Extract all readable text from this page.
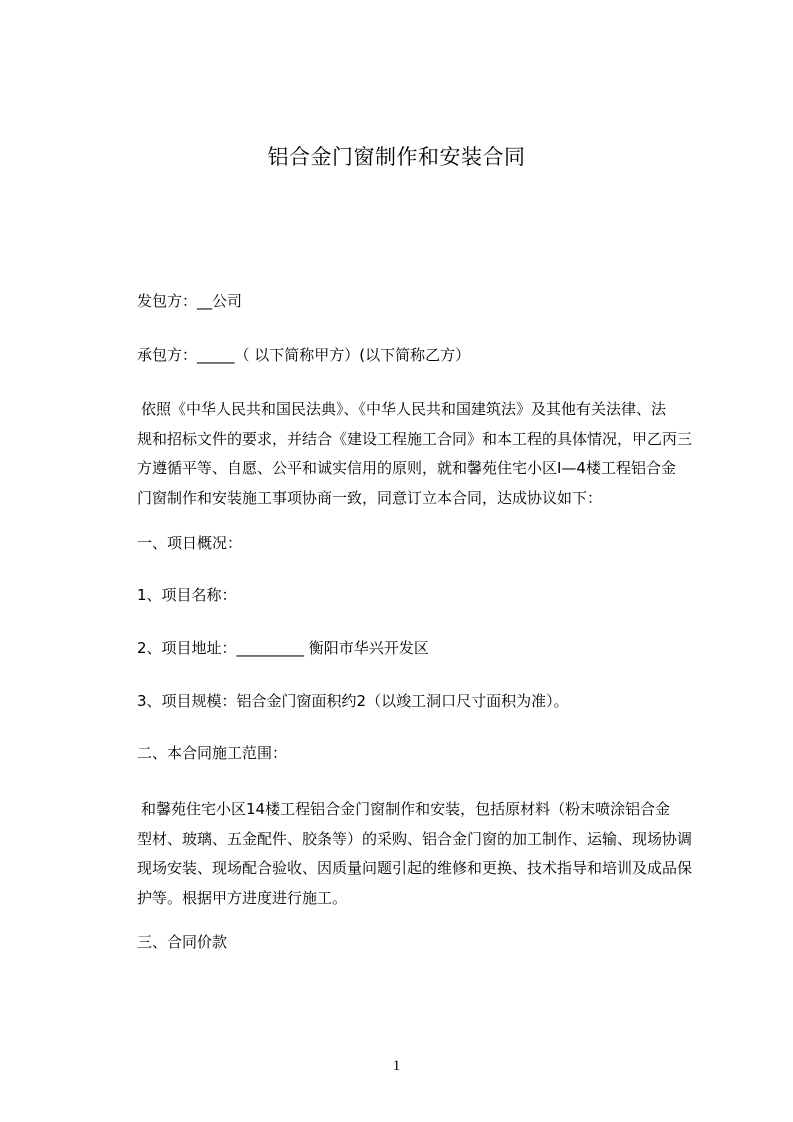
铝合金门窗制作和安装合同
发包方：__公司
承包方：_____（ 以下简称甲方）(以下简称乙方）
依照《中华人民共和国民法典》、《中华人民共和国建筑法》及其他有关法律、法
规和招标文件的要求，并结合《建设工程施工合同》和本工程的具体情况，甲乙丙三
方遵循平等、自愿、公平和诚实信用的原则，就和馨苑住宅小区Ⅰ—4楼工程铝合金
门窗制作和安装施工事项协商一致，同意订立本合同，达成协议如下：
一、项日概况：
1、项目名称：
2、项目地址：_________ 衡阳市华兴开发区
3、项目规模：铝合金门窗面积约2（以竣工洞口尺寸面积为准）。
二、本合同施工范围：
和馨苑住宅小区14楼工程铝合金门窗制作和安装，包括原材料（粉末喷涂铝合金
型材、玻璃、五金配件、胶条等）的采购、铝合金门窗的加工制作、运输、现场协调
现场安装、现场配合验收、因质量问题引起的维修和更换、技术指导和培训及成品保
护等。根据甲方进度进行施工。
三、合同价款
1
